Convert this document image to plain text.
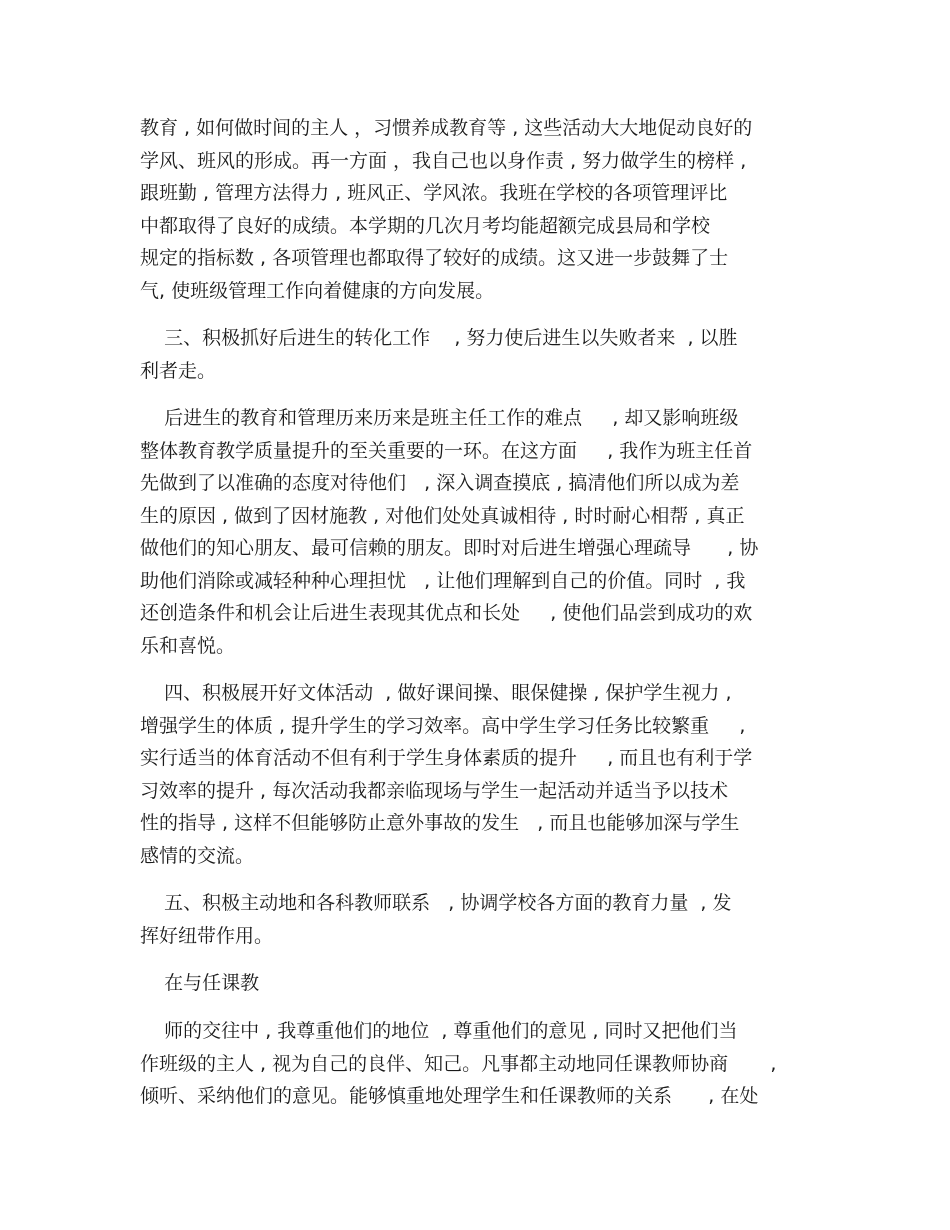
教育 , 如何做时间的主人 ，习惯养成教育等 , 这些活动大大地促动良好的
学风、班风的形成。再一方面 ，我自己也以身作责 , 努力做学生的榜样 ,
跟班勤 , 管理方法得力 , 班风正、学风浓。我班在学校的各项管理评比
中都取得了良好的成绩。本学期的几次月考均能超额完成县局和学校
规定的指标数 , 各项管理也都取得了较好的成绩。这又进一步鼓舞了士
气, 使班级管理工作向着健康的方向发展。
三、积极抓好后进生的转化工作    , 努力使后进生以失败者来  , 以胜
利者走。
后进生的教育和管理历来历来是班主任工作的难点     , 却又影响班级
整体教育教学质量提升的至关重要的一环。在这方面     , 我作为班主任首
先做到了以准确的态度对待他们   , 深入调查摸底 , 搞清他们所以成为差
生的原因 , 做到了因材施教 , 对他们处处真诚相待 , 时时耐心相帮 , 真正
做他们的知心朋友、最可信赖的朋友。即时对后进生增强心理疏导      , 协
助他们消除或减轻种种心理担忧   , 让他们理解到自己的价值。同时  , 我
还创造条件和机会让后进生表现其优点和长处     , 使他们品尝到成功的欢
乐和喜悦。
四、积极展开好文体活动  , 做好课间操、眼保健操 , 保护学生视力 ,
增强学生的体质 , 提升学生的学习效率。高中学生学习任务比较繁重     ,
实行适当的体育活动不但有利于学生身体素质的提升     , 而且也有利于学
习效率的提升 , 每次活动我都亲临现场与学生一起活动并适当予以技术
性的指导 , 这样不但能够防止意外事故的发生   , 而且也能够加深与学生
感情的交流。
五、积极主动地和各科教师联系   , 协调学校各方面的教育力量  , 发
挥好纽带作用。
在与任课教
师的交往中 , 我尊重他们的地位  , 尊重他们的意见 , 同时又把他们当
作班级的主人 , 视为自己的良伴、知己。凡事都主动地同任课教师协商       ,
倾听、采纳他们的意见。能够慎重地处理学生和任课教师的关系      , 在处
